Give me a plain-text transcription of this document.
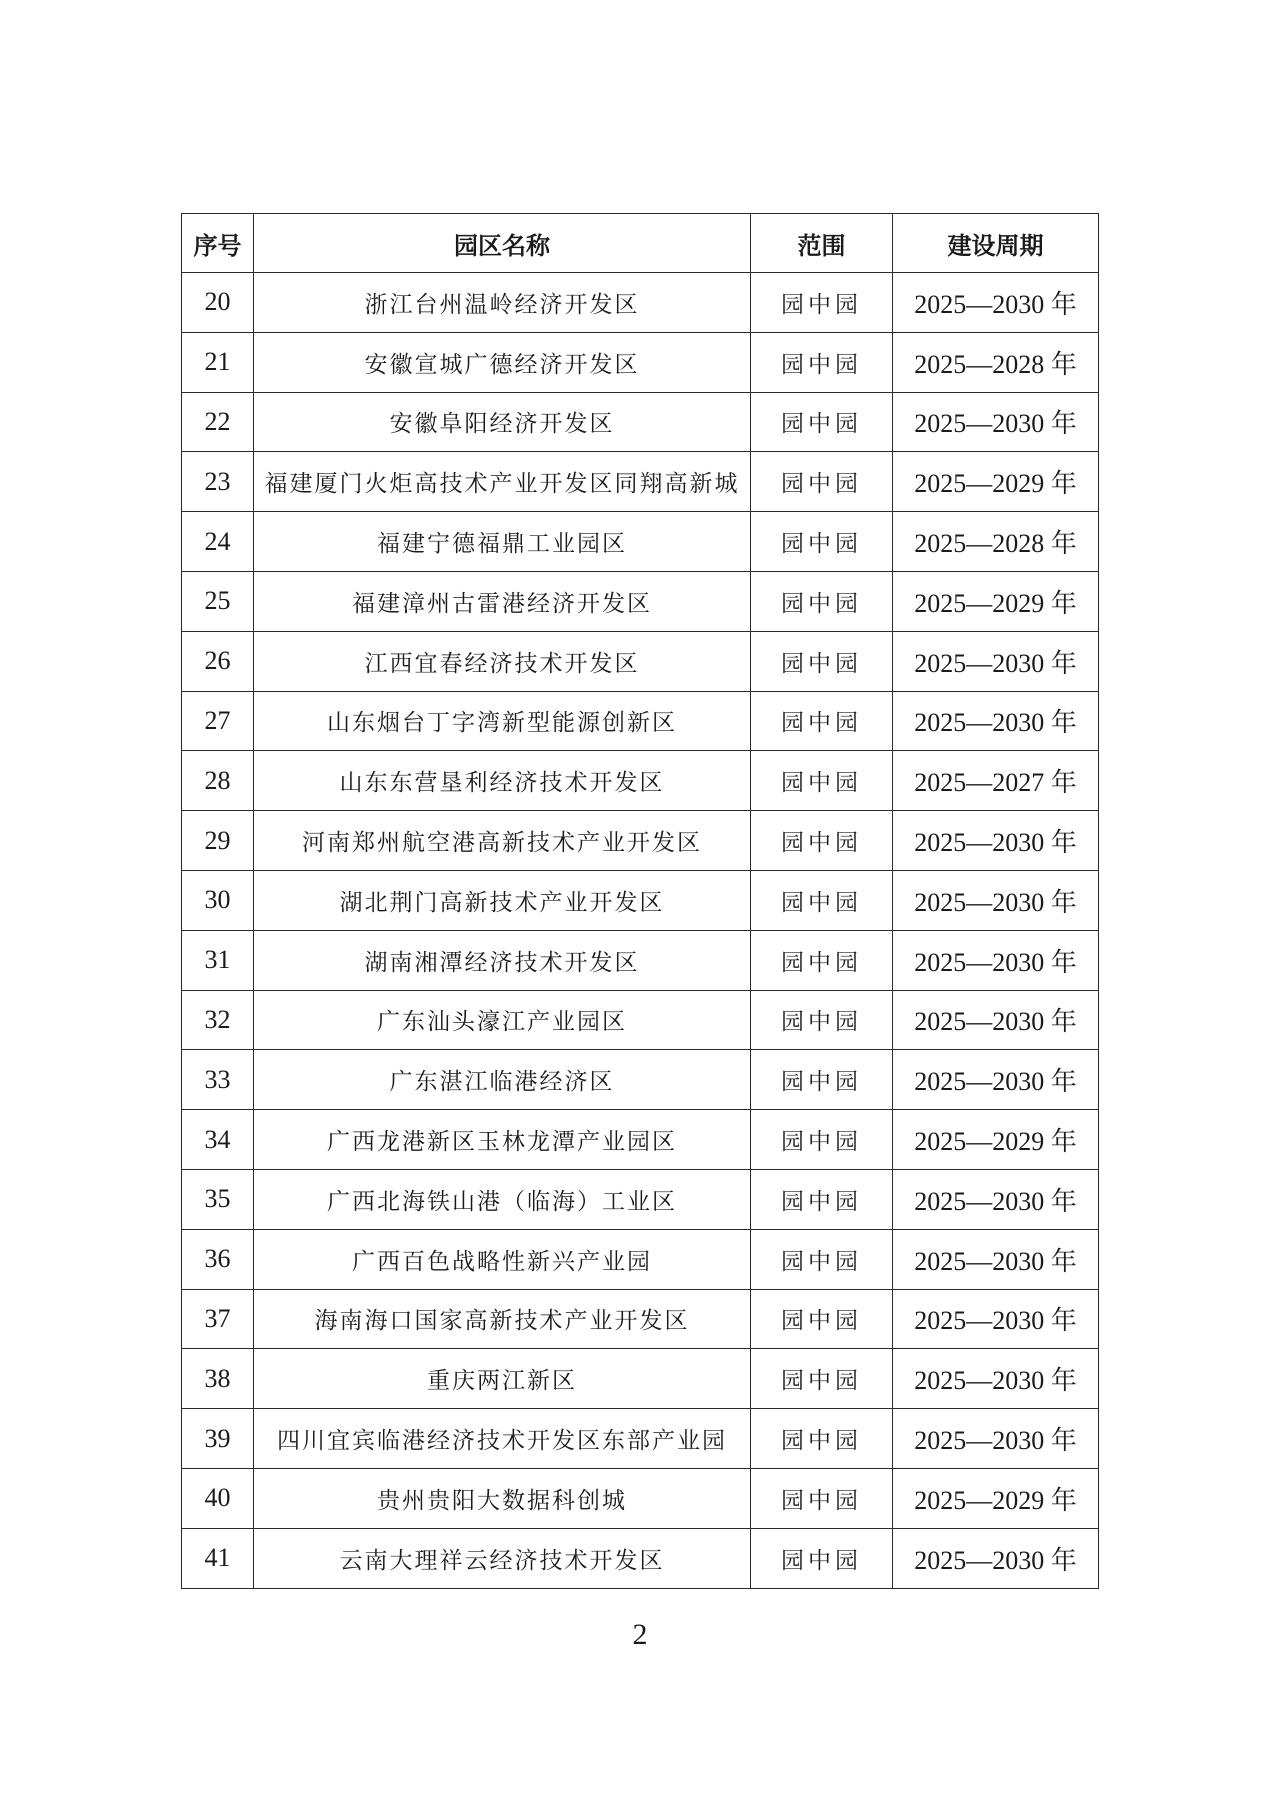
序号	园区名称	范围	建设周期
20	浙江台州温岭经济开发区	园中园	2025—2030 年
21	安徽宣城广德经济开发区	园中园	2025—2028 年
22	安徽阜阳经济开发区	园中园	2025—2030 年
23	福建厦门火炬高技术产业开发区同翔高新城	园中园	2025—2029 年
24	福建宁德福鼎工业园区	园中园	2025—2028 年
25	福建漳州古雷港经济开发区	园中园	2025—2029 年
26	江西宜春经济技术开发区	园中园	2025—2030 年
27	山东烟台丁字湾新型能源创新区	园中园	2025—2030 年
28	山东东营垦利经济技术开发区	园中园	2025—2027 年
29	河南郑州航空港高新技术产业开发区	园中园	2025—2030 年
30	湖北荆门高新技术产业开发区	园中园	2025—2030 年
31	湖南湘潭经济技术开发区	园中园	2025—2030 年
32	广东汕头濠江产业园区	园中园	2025—2030 年
33	广东湛江临港经济区	园中园	2025—2030 年
34	广西龙港新区玉林龙潭产业园区	园中园	2025—2029 年
35	广西北海铁山港（临海）工业区	园中园	2025—2030 年
36	广西百色战略性新兴产业园	园中园	2025—2030 年
37	海南海口国家高新技术产业开发区	园中园	2025—2030 年
38	重庆两江新区	园中园	2025—2030 年
39	四川宜宾临港经济技术开发区东部产业园	园中园	2025—2030 年
40	贵州贵阳大数据科创城	园中园	2025—2029 年
41	云南大理祥云经济技术开发区	园中园	2025—2030 年
2
